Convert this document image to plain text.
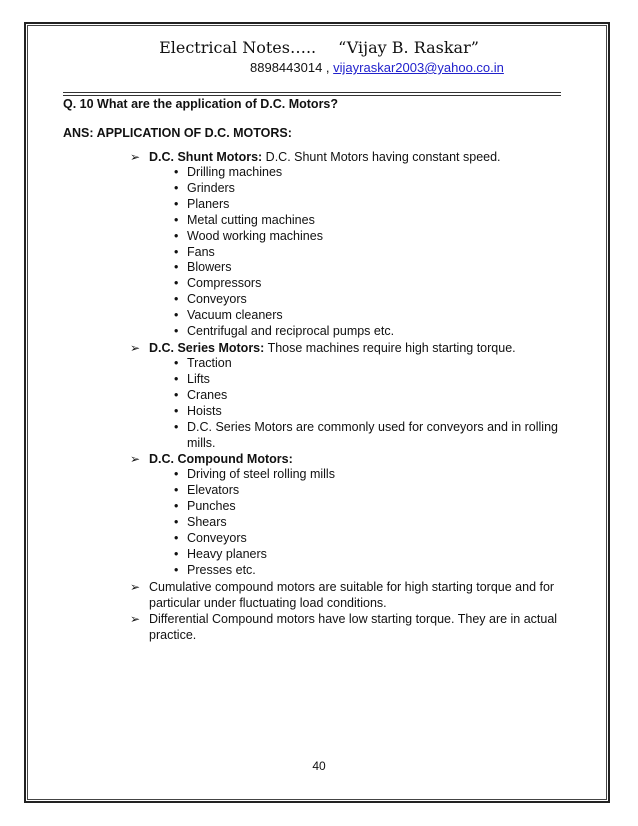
Electrical Notes….. “Vijay B. Raskar”
8898443014 , vijayraskar2003@yahoo.co.in
Q. 10 What are the application of D.C. Motors?
ANS: APPLICATION OF D.C. MOTORS:
➢ D.C. Shunt Motors: D.C. Shunt Motors having constant speed.
• Drilling machines
• Grinders
• Planers
• Metal cutting machines
• Wood working machines
• Fans
• Blowers
• Compressors
• Conveyors
• Vacuum cleaners
• Centrifugal and reciprocal pumps etc.
➢ D.C. Series Motors: Those machines require high starting torque.
• Traction
• Lifts
• Cranes
• Hoists
• D.C. Series Motors are commonly used for conveyors and in rolling mills.
➢ D.C. Compound Motors:
• Driving of steel rolling mills
• Elevators
• Punches
• Shears
• Conveyors
• Heavy planers
• Presses etc.
➢ Cumulative compound motors are suitable for high starting torque and for particular under fluctuating load conditions.
➢ Differential Compound motors have low starting torque. They are in actual practice.
40
